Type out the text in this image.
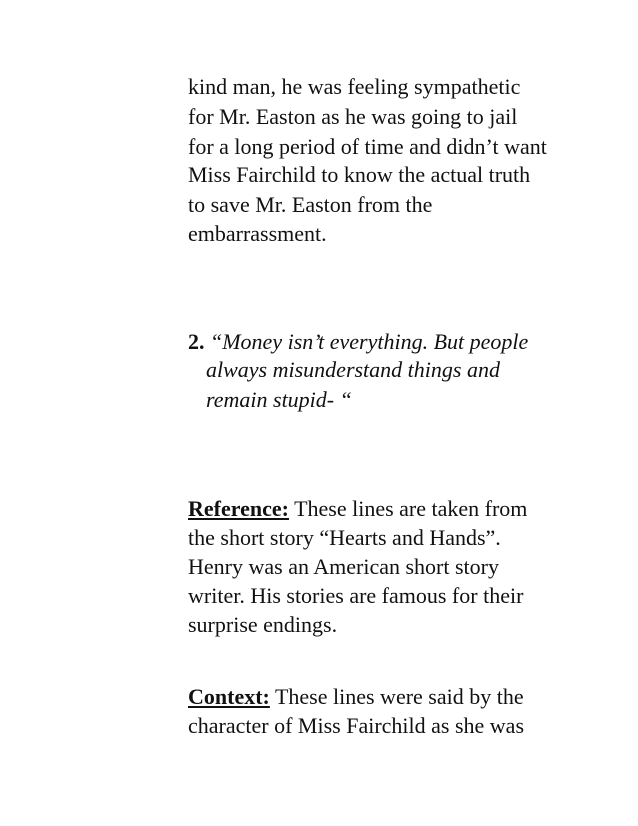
kind man, he was feeling sympathetic
for Mr. Easton as he was going to jail
for a long period of time and didn’t want
Miss Fairchild to know the actual truth
to save Mr. Easton from the
embarrassment.
2. “Money isn’t everything. But people
always misunderstand things and
remain stupid- “
Reference: These lines are taken from
the short story “Hearts and Hands”.
Henry was an American short story
writer. His stories are famous for their
surprise endings.
Context: These lines were said by the
character of Miss Fairchild as she was
